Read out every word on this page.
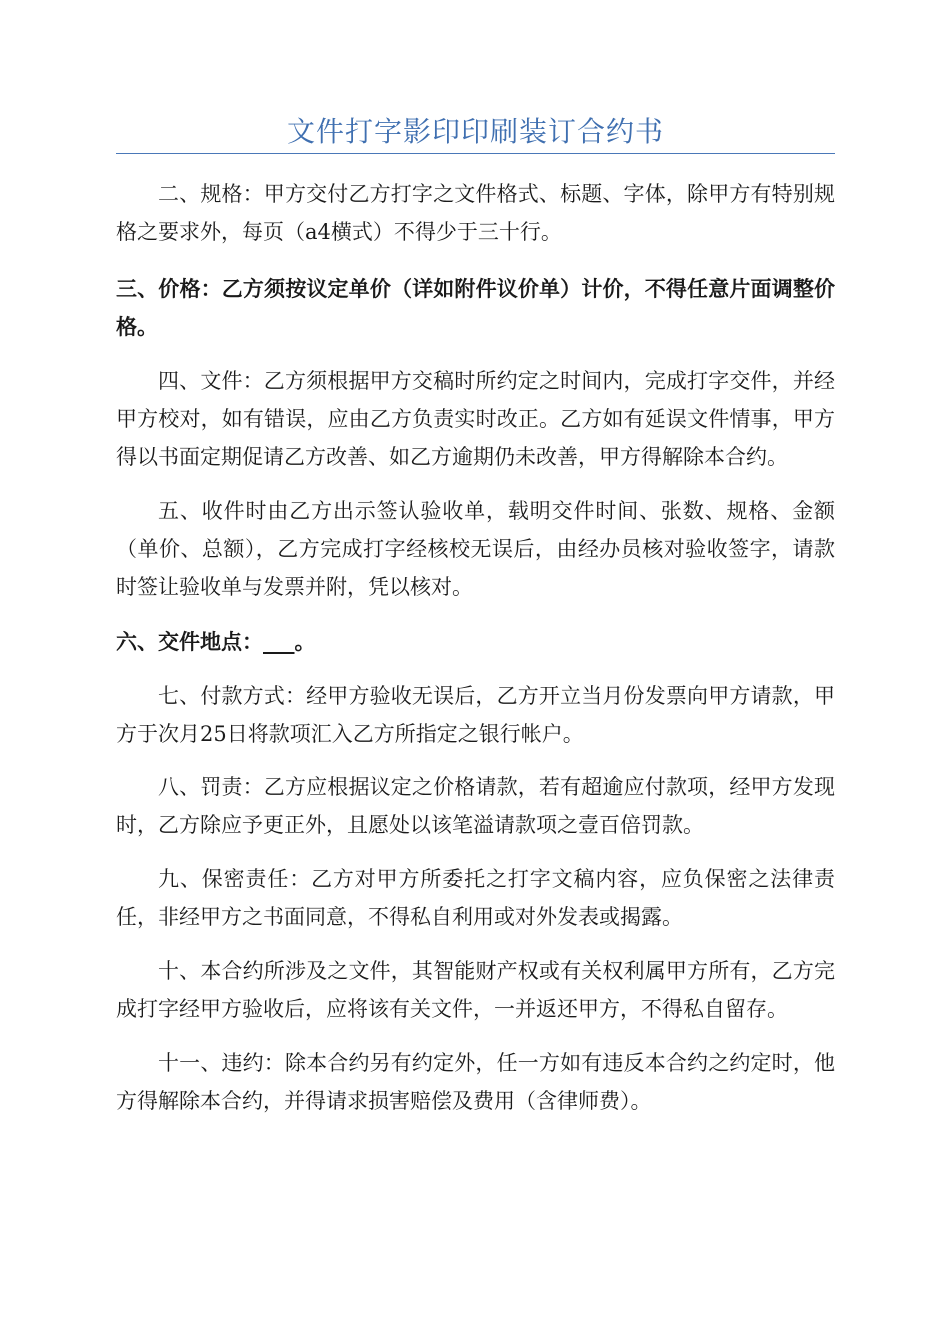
文件打字影印印刷装订合约书

二、规格：甲方交付乙方打字之文件格式、标题、字体，除甲方有特别规格之要求外，每页（a4横式）不得少于三十行。

三、价格：乙方须按议定单价（详如附件议价单）计价，不得任意片面调整价格。

四、文件：乙方须根据甲方交稿时所约定之时间内，完成打字交件，并经甲方校对，如有错误，应由乙方负责实时改正。乙方如有延误文件情事，甲方得以书面定期促请乙方改善、如乙方逾期仍未改善，甲方得解除本合约。

五、收件时由乙方出示签认验收单，载明交件时间、张数、规格、金额（单价、总额），乙方完成打字经核校无误后，由经办员核对验收签字，请款时签让验收单与发票并附，凭以核对。

六、交件地点：___。

七、付款方式：经甲方验收无误后，乙方开立当月份发票向甲方请款，甲方于次月25日将款项汇入乙方所指定之银行帐户。

八、罚责：乙方应根据议定之价格请款，若有超逾应付款项，经甲方发现时，乙方除应予更正外，且愿处以该笔溢请款项之壹百倍罚款。

九、保密责任：乙方对甲方所委托之打字文稿内容，应负保密之法律责任，非经甲方之书面同意，不得私自利用或对外发表或揭露。

十、本合约所涉及之文件，其智能财产权或有关权利属甲方所有，乙方完成打字经甲方验收后，应将该有关文件，一并返还甲方，不得私自留存。

十一、违约：除本合约另有约定外，任一方如有违反本合约之约定时，他方得解除本合约，并得请求损害赔偿及费用（含律师费）。
